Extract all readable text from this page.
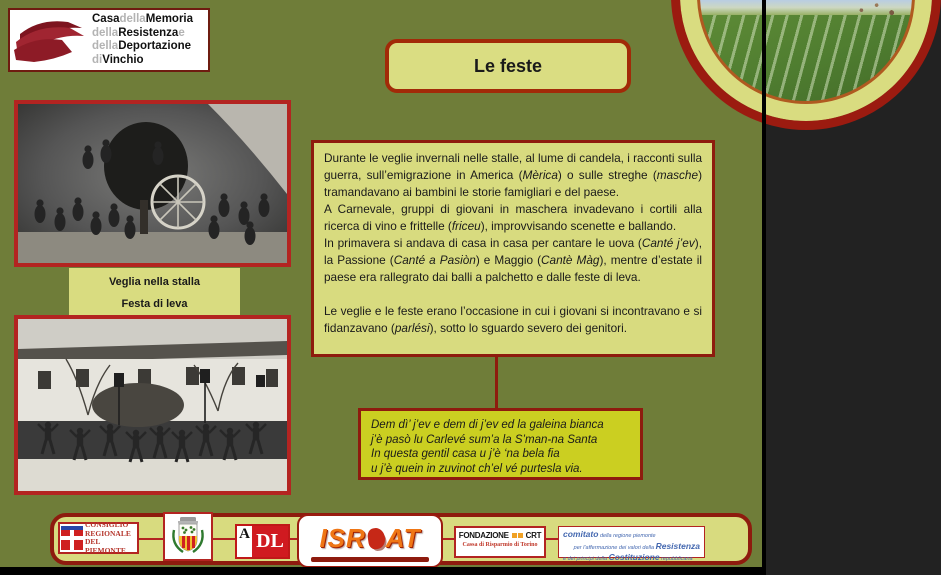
CasadellaMemoria
dellaResistenzae
dellaDeportazione
diVinchio	Le feste
Veglia nella stalla
Festa di leva

Durante le veglie invernali nelle stalle, al lume di candela, i racconti sulla guerra, sull’emigrazione in America (Mèrica) o sulle streghe (masche) tramandavano ai bambini le storie famigliari e del paese.

A Carnevale, gruppi di giovani in maschera invadevano i cortili alla ricerca di vino e frittelle (friceu), improvvisando scenette e ballando.

In primavera si andava di casa in casa per cantare le uova (Canté j’ev), la Passione (Canté a Pasiòn) e Maggio (Cantè Màg), mentre d’estate il paese era rallegrato dai balli a palchetto e dalle feste di leva.

Le veglie e le feste erano l’occasione in cui i giovani si incontravano e si fidanzavano (parlési), sotto lo sguardo severo dei genitori.

Dem dì’ j’ev e dem di j’ev ed la galeina bianca
j’è pasò lu Carlevé sum’a la S’man-na Santa
In questa gentil casa u j’è ‘na bela fia
u j’è quein in zuvinot ch’el vé purtesla via.
CONSIGLIO
REGIONALE
DEL PIEMONTE
A DL ISR AT	FONDAZIONE CRT
Cassa di Risparmio di Torino
comitato della regione piemonte
per l’affermazione dei valori della Resistenza
e dei principi della Costituzione repubblicana
